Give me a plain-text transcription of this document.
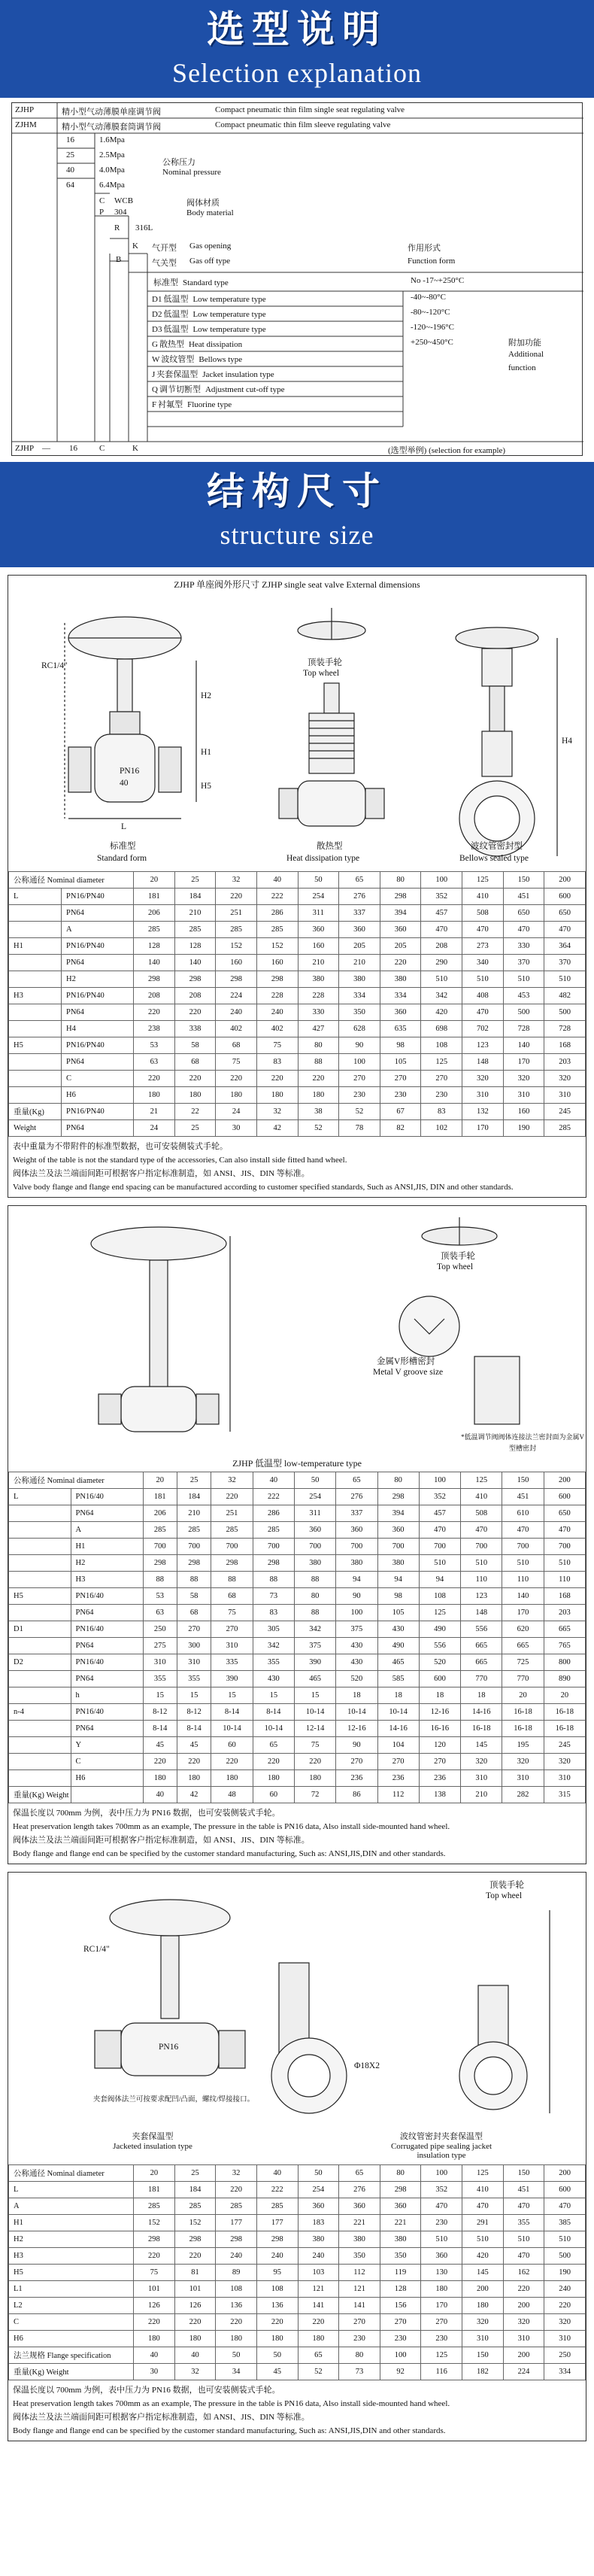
选型说明
Selection explanation
ZJHP	精小型气动薄膜单座调节阀	Compact pneumatic thin film single seat regulating valve
ZJHM	精小型气动薄膜套筒调节阀	Compact pneumatic thin film sleeve regulating valve
16	1.6Mpa
25	2.5Mpa
40	4.0Mpa
64	6.4Mpa
公称压力
Nominal pressure
C WCB
P 304
R 316L
阀体材质
Body material
K 气开型 Gas opening
B	气关型 Gas off type
作用形式
Function form
标准型 Standard type	No -17~+250°C
D1 低温型 Low temperature type	-40~-80°C
D2 低温型 Low temperature type	-80~-120°C
D3 低温型 Low temperature type	-120~-196°C
G 散热型 Heat dissipation	+250~450°C
W 波纹管型 Bellows type
J 夹套保温型 Jacket insulation type
Q 调节切断型 Adjustment cut-off type
F 衬氟型 Fluorine type
附加功能
Additional
function
ZJHP — 16	C	K	(选型举例) (selection for example)
结构尺寸
structure size
ZJHP 单座阀外形尺寸 ZJHP single seat valve External dimensions
RC1/4"
PN16
40
H2
H1
H5
L
H4
顶装手轮
Top wheel
标准型
Standard form
散热型
Heat dissipation type
波纹管密封型
Bellows sealed type
公称通径 Nominal diameter		20	25	32	40	50	65	80	100	125	150	200
L	PN16/PN40	181	184	220	222	254	276	298	352	410	451	600
	PN64	206	210	251	286	311	337	394	457	508	650	650
	A	285	285	285	285	360	360	360	470	470	470	470
H1	PN16/PN40	128	128	152	152	160	205	205	208	273	330	364
	PN64	140	140	160	160	210	210	220	290	340	370	370
	H2	298	298	298	298	380	380	380	510	510	510	510
H3	PN16/PN40	208	208	224	228	228	334	334	342	408	453	482
	PN64	220	220	240	240	330	350	360	420	470	500	500
	H4	238	338	402	402	427	628	635	698	702	728	728
H5	PN16/PN40	53	58	68	75	80	90	98	108	123	140	168
	PN64	63	68	75	83	88	100	105	125	148	170	203
	C	220	220	220	220	220	270	270	270	320	320	320
	H6	180	180	180	180	180	230	230	230	310	310	310
重量(Kg)	PN16/PN40	21	22	24	32	38	52	67	83	132	160	245
Weight	PN64	24	25	30	42	52	78	82	102	170	190	285
表中重量为不带附件的标准型数据，也可安装侧装式手轮。
Weight of the table is not the standard type of the accessories, Can also install side fitted hand wheel.
阀体法兰及法兰端面间距可根据客户指定标准制造，如 ANSI、JIS、DIN 等标准。
Valve body flange and flange end spacing can be manufactured according to customer specified standards, Such as ANSI,JIS, DIN and other standards.
顶装手轮
Top wheel
金属V形槽密封
Metal V groove size
*低温调节阀阀体连接法兰密封面为金属V型槽密封
ZJHP 低温型 low-temperature type
公称通径 Nominal diameter		20	25	32	40	50	65	80	100	125	150	200
L	PN16/40	181	184	220	222	254	276	298	352	410	451	600
	PN64	206	210	251	286	311	337	394	457	508	610	650
	A	285	285	285	285	360	360	360	470	470	470	470
	H1	700	700	700	700	700	700	700	700	700	700	700
	H2	298	298	298	298	380	380	380	510	510	510	510
	H3	88	88	88	88	88	94	94	94	110	110	110
H5	PN16/40	53	58	68	73	80	90	98	108	123	140	168
	PN64	63	68	75	83	88	100	105	125	148	170	203
D1	PN16/40	250	270	270	305	342	375	430	490	556	620	665
	PN64	275	300	310	342	375	430	490	556	665	665	765
D2	PN16/40	310	310	335	355	390	430	465	520	665	725	800
	PN64	355	355	390	430	465	520	585	600	770	770	890
	h	15	15	15	15	15	18	18	18	18	20	20
n-4	PN16/40	8-12	8-12	8-14	8-14	10-14	10-14	10-14	12-16	14-16	16-18	16-18
	PN64	8-14	8-14	10-14	10-14	12-14	12-16	14-16	16-16	16-18	16-18	16-18
	Y	45	45	60	65	75	90	104	120	145	195	245
	C	220	220	220	220	220	270	270	270	320	320	320
	H6	180	180	180	180	180	236	236	236	310	310	310
重量(Kg) Weight		40	42	48	60	72	86	112	138	210	282	315
保温长度以 700mm 为例，表中压力为 PN16 数据，也可安装侧装式手轮。
Heat preservation length takes 700mm as an example, The pressure in the table is PN16 data, Also install side-mounted hand wheel.
阀体法兰及法兰端面间距可根据客户指定标准制造，如 ANSI、JIS、DIN 等标准。
Body flange and flange end can be specified by the customer standard manufacturing, Such as: ANSI,JIS,DIN and other standards.
顶装手轮
Top wheel
RC1/4"
PN16
Φ18X2
夹套阀体法兰可按要求配凹/凸面，螺纹/焊接接口。
夹套保温型
Jacketed insulation type
波纹管密封夹套保温型
Corrugated pipe sealing jacket
insulation type
公称通径 Nominal diameter	20	25	32	40	50	65	80	100	125	150	200
L	181	184	220	222	254	276	298	352	410	451	600
A	285	285	285	285	360	360	360	470	470	470	470
H1	152	152	177	177	183	221	221	230	291	355	385
H2	298	298	298	298	380	380	380	510	510	510	510
H3	220	220	240	240	240	350	350	360	420	470	500
H5	75	81	89	95	103	112	119	130	145	162	190
L1	101	101	108	108	121	121	128	180	200	220	240
L2	126	126	136	136	141	141	156	170	180	200	220
C	220	220	220	220	220	270	270	270	320	320	320
H6	180	180	180	180	180	230	230	230	310	310	310
法兰规格 Flange specification	40	40	50	50	65	80	100	125	150	200	250
重量(Kg) Weight	30	32	34	45	52	73	92	116	182	224	334
保温长度以 700mm 为例，表中压力为 PN16 数据，也可安装侧装式手轮。
Heat preservation length takes 700mm as an example, The pressure in the table is PN16 data, Also install side-mounted hand wheel.
阀体法兰及法兰端面间距可根据客户指定标准制造，如 ANSI、JIS、DIN 等标准。
Body flange and flange end can be specified by the customer standard manufacturing, Such as: ANSI,JIS,DIN and other standards.
